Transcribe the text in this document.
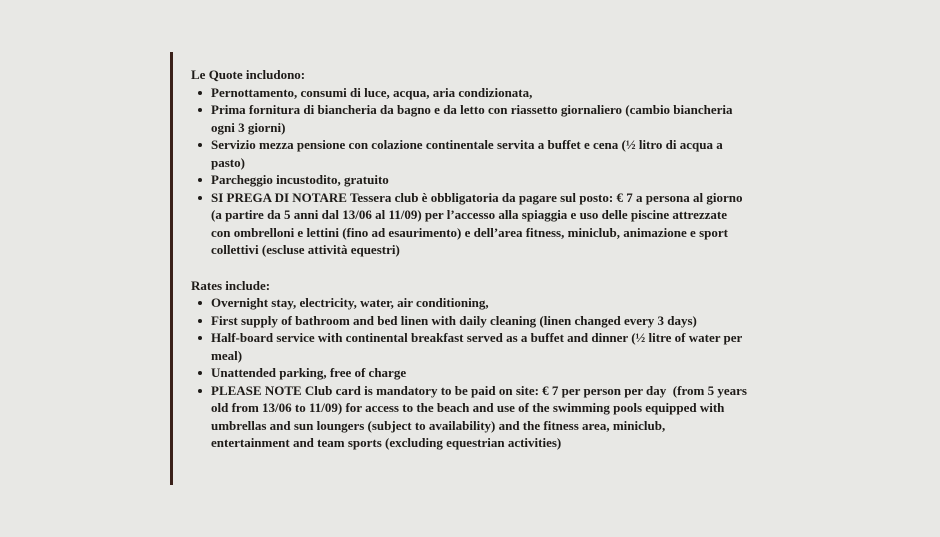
Le Quote includono:
Pernottamento, consumi di luce, acqua, aria condizionata,
Prima fornitura di biancheria da bagno e da letto con riassetto giornaliero (cambio biancheria ogni 3 giorni)
Servizio mezza pensione con colazione continentale servita a buffet e cena (½ litro di acqua a pasto)
Parcheggio incustodito, gratuito
SI PREGA DI NOTARE Tessera club è obbligatoria da pagare sul posto: € 7 a persona al giorno (a partire da 5 anni dal 13/06 al 11/09) per l’accesso alla spiaggia e uso delle piscine attrezzate con ombrelloni e lettini (fino ad esaurimento) e dell’area fitness, miniclub, animazione e sport collettivi (escluse attività equestri)
Rates include:
Overnight stay, electricity, water, air conditioning,
First supply of bathroom and bed linen with daily cleaning (linen changed every 3 days)
Half-board service with continental breakfast served as a buffet and dinner (½ litre of water per meal)
Unattended parking, free of charge
PLEASE NOTE Club card is mandatory to be paid on site: € 7 per person per day  (from 5 years old from 13/06 to 11/09) for access to the beach and use of the swimming pools equipped with umbrellas and sun loungers (subject to availability) and the fitness area, miniclub, entertainment and team sports (excluding equestrian activities)
